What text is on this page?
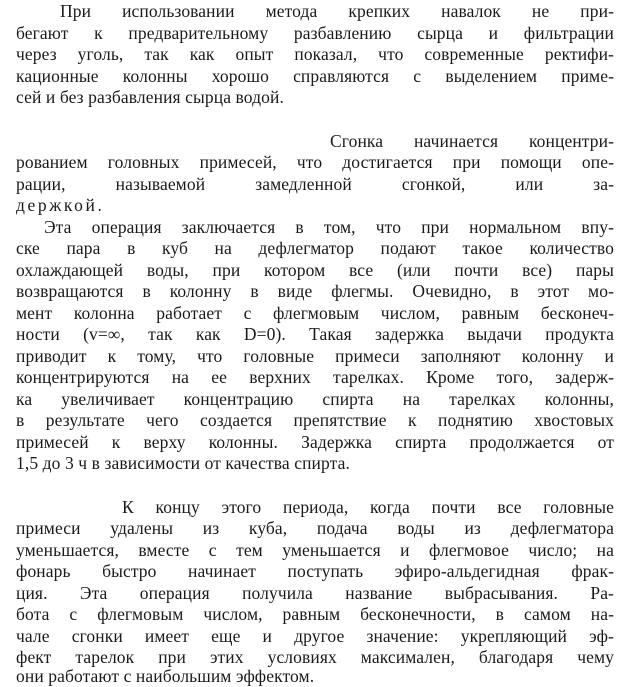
При использовании метода крепких навалок не при-
бегают к предварительному разбавлению сырца и фильтрации
через уголь, так как опыт показал, что современные ректифи-
кационные колонны хорошо справляются с выделением приме-
сей и без разбавления сырца водой.
Сгонка начинается концентри-
рованием головных примесей, что достигается при помощи опе-
рации, называемой замедленной сгонкой, или за-
держкой.
Эта операция заключается в том, что при нормальном впу-
ске пара в куб на дефлегматор подают такое количество
охлаждающей воды, при котором все (или почти все) пары
возвращаются в колонну в виде флегмы. Очевидно, в этот мо-
мент колонна работает с флегмовым числом, равным бесконеч-
ности (v=∞, так как D=0). Такая задержка выдачи продукта
приводит к тому, что головные примеси заполняют колонну и
концентрируются на ее верхних тарелках. Кроме того, задерж-
ка увеличивает концентрацию спирта на тарелках колонны,
в результате чего создается препятствие к поднятию хвостовых
примесей к верху колонны. Задержка спирта продолжается от
1,5 до 3 ч в зависимости от качества спирта.
К концу этого периода, когда почти все головные
примеси удалены из куба, подача воды из дефлегматора
уменьшается, вместе с тем уменьшается и флегмовое число; на
фонарь быстро начинает поступать эфиро-альдегидная фрак-
ция. Эта операция получила название выбрасывания. Ра-
бота с флегмовым числом, равным бесконечности, в самом на-
чале сгонки имеет еще и другое значение: укрепляющий эф-
фект тарелок при этих условиях максимален, благодаря чему
они работают с наибольшим эффектом.
